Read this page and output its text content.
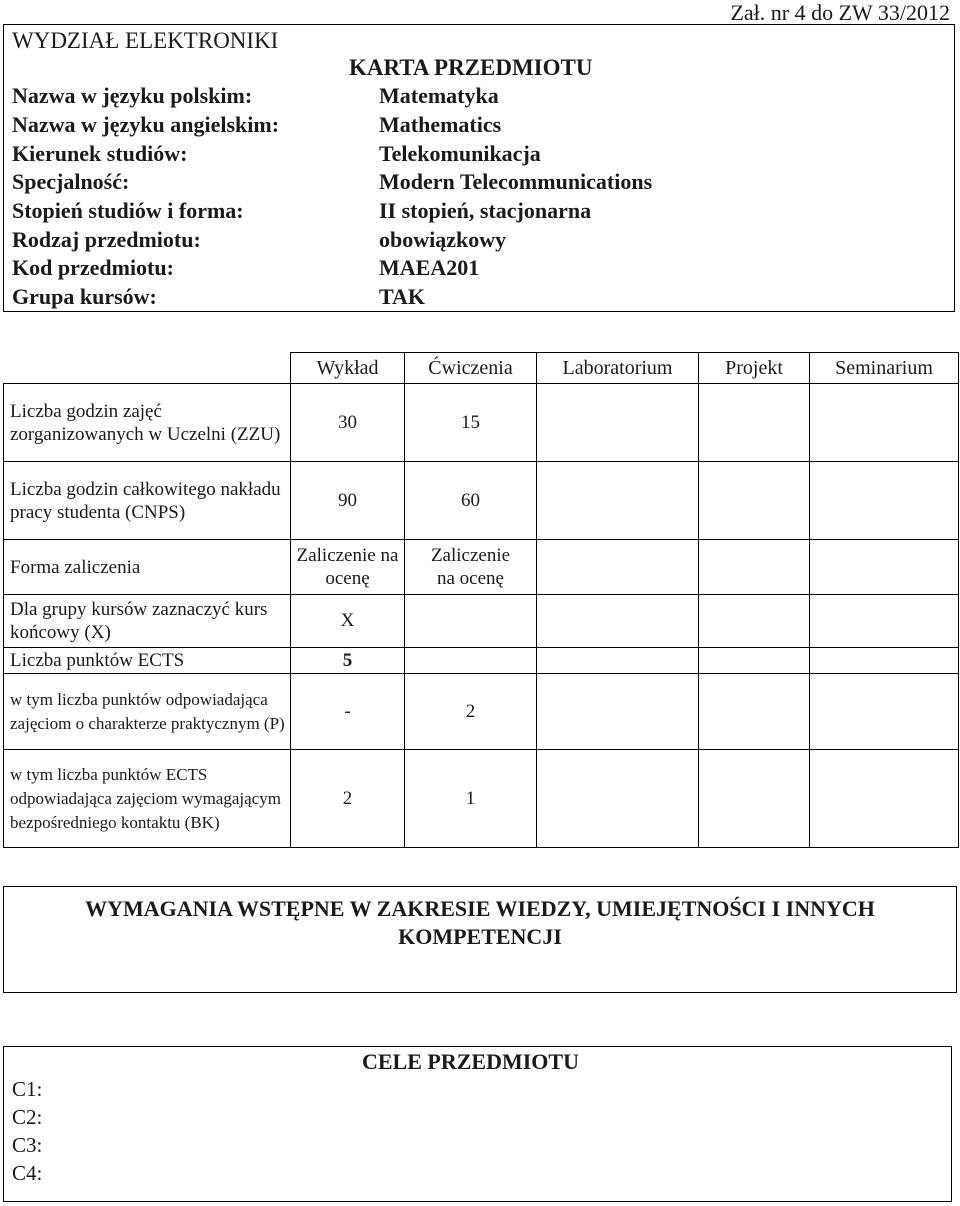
Zał. nr 4 do ZW 33/2012
WYDZIAŁ ELEKTRONIKI
KARTA PRZEDMIOTU
Nazwa w języku polskim:	Matematyka
Nazwa w języku angielskim:	Mathematics
Kierunek studiów:	Telekomunikacja
Specjalność:	Modern Telecommunications
Stopień studiów i forma:	II stopień, stacjonarna
Rodzaj przedmiotu:	obowiązkowy
Kod przedmiotu:	MAEA201
Grupa kursów:	TAK
	Wykład	Ćwiczenia	Laboratorium	Projekt	Seminarium
Liczba godzin zajęć zorganizowanych w Uczelni (ZZU)	30	15			
Liczba godzin całkowitego nakładu pracy studenta (CNPS)	90	60			
Forma zaliczenia	Zaliczenie na ocenę	Zaliczenie na ocenę			
Dla grupy kursów zaznaczyć kurs końcowy (X)	X				
Liczba punktów ECTS	5				
w tym liczba punktów odpowiadająca zajęciom o charakterze praktycznym (P)	-	2			
w tym liczba punktów ECTS odpowiadająca zajęciom wymagającym bezpośredniego kontaktu (BK)	2	1			
WYMAGANIA WSTĘPNE W ZAKRESIE WIEDZY, UMIEJĘTNOŚCI I INNYCH KOMPETENCJI
CELE PRZEDMIOTU
C1:
C2:
C3:
C4:
